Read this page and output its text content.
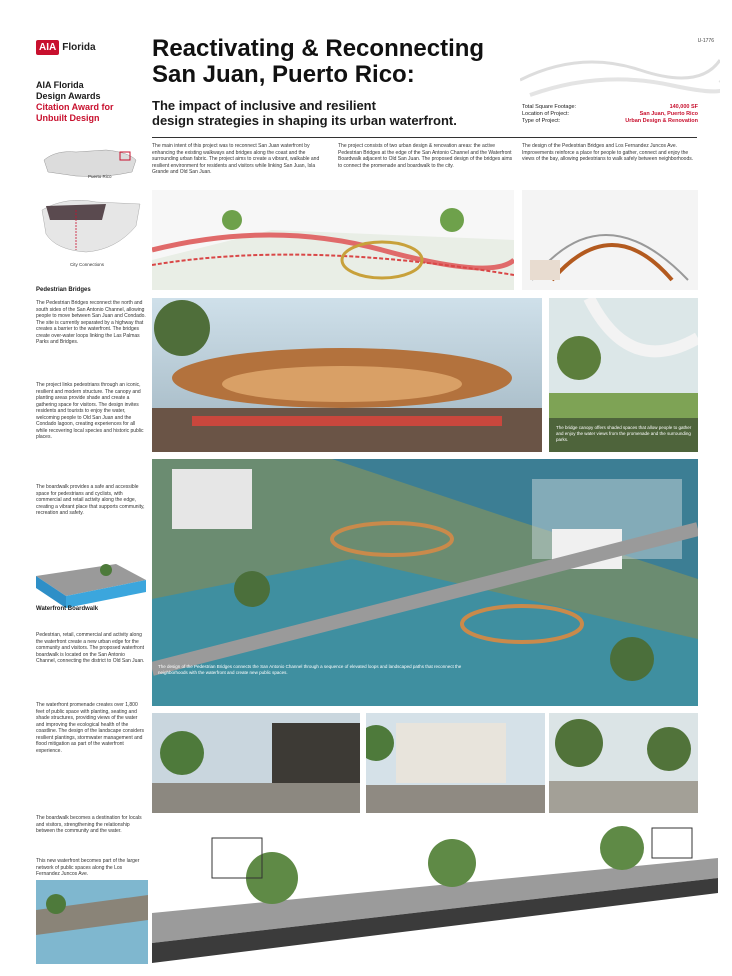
AIA Florida
AIA Florida
Design Awards
Citation Award for
Unbuilt Design
Reactivating & Reconnecting
San Juan, Puerto Rico:
U-1776
The impact of inclusive and resilient
design strategies in shaping its urban waterfront.
Total Square Footage:	140,000 SF
Location of Project:	San Juan, Puerto Rico
Type of Project:	Urban Design & Renovation
The main intent of this project was to reconnect San Juan waterfront by enhancing the existing walkways and bridges along the coast and the surrounding urban fabric. The project aims to create a vibrant, walkable and resilient environment for residents and visitors while linking San Juan, Isla Grande and Old San Juan.
The project consists of two urban design & renovation areas: the active Pedestrian Bridges at the edge of the San Antonio Channel and the Waterfront Boardwalk adjacent to Old San Juan. The proposed design of the bridges aims to connect the promenade and boardwalk to the city.
The design of the Pedestrian Bridges and Los Fernandez Juncos Ave. Improvements reinforce a place for people to gather, connect and enjoy the views of the bay, allowing pedestrians to walk safely between neighborhoods.
Puerto Rico
City Connections
Pedestrian Bridges
The Pedestrian Bridges reconnect the north and south sides of the San Antonio Channel, allowing people to move between San Juan and Condado. The site is currently separated by a highway that creates a barrier to the waterfront. The bridges create over-water loops linking the Las Palmas Parks and Bridges.
The project links pedestrians through an iconic, resilient and modern structure. The canopy and planting areas provide shade and create a gathering space for visitors. The design invites residents and tourists to enjoy the water, welcoming people to Old San Juan and the Condado lagoon, creating experiences for all while recovering local species and historic public places.
The boardwalk provides a safe and accessible space for pedestrians and cyclists, with commercial and retail activity along the edge, creating a vibrant place that supports community, recreation and safety.
Waterfront Boardwalk
Pedestrian, retail, commercial and activity along the waterfront create a new urban edge for the community and visitors. The proposed waterfront boardwalk is located on the San Antonio Channel, connecting the district to Old San Juan.
The waterfront promenade creates over 1,800 feet of public space with planting, seating and shade structures, providing views of the water and improving the ecological health of the coastline. The design of the landscape considers resilient plantings, stormwater management and flood mitigation as part of the waterfront experience.
The boardwalk becomes a destination for locals and visitors, strengthening the relationship between the community and the water.
This new waterfront becomes part of the larger network of public spaces along the Los Fernandez Juncos Ave.
The bridge canopy offers shaded spaces that allow people to gather and enjoy the water views from the promenade and the surrounding parks.
The design of the Pedestrian Bridges connects the San Antonio Channel through a sequence of elevated loops and landscaped paths that reconnect the neighborhoods with the waterfront and create new public spaces.
